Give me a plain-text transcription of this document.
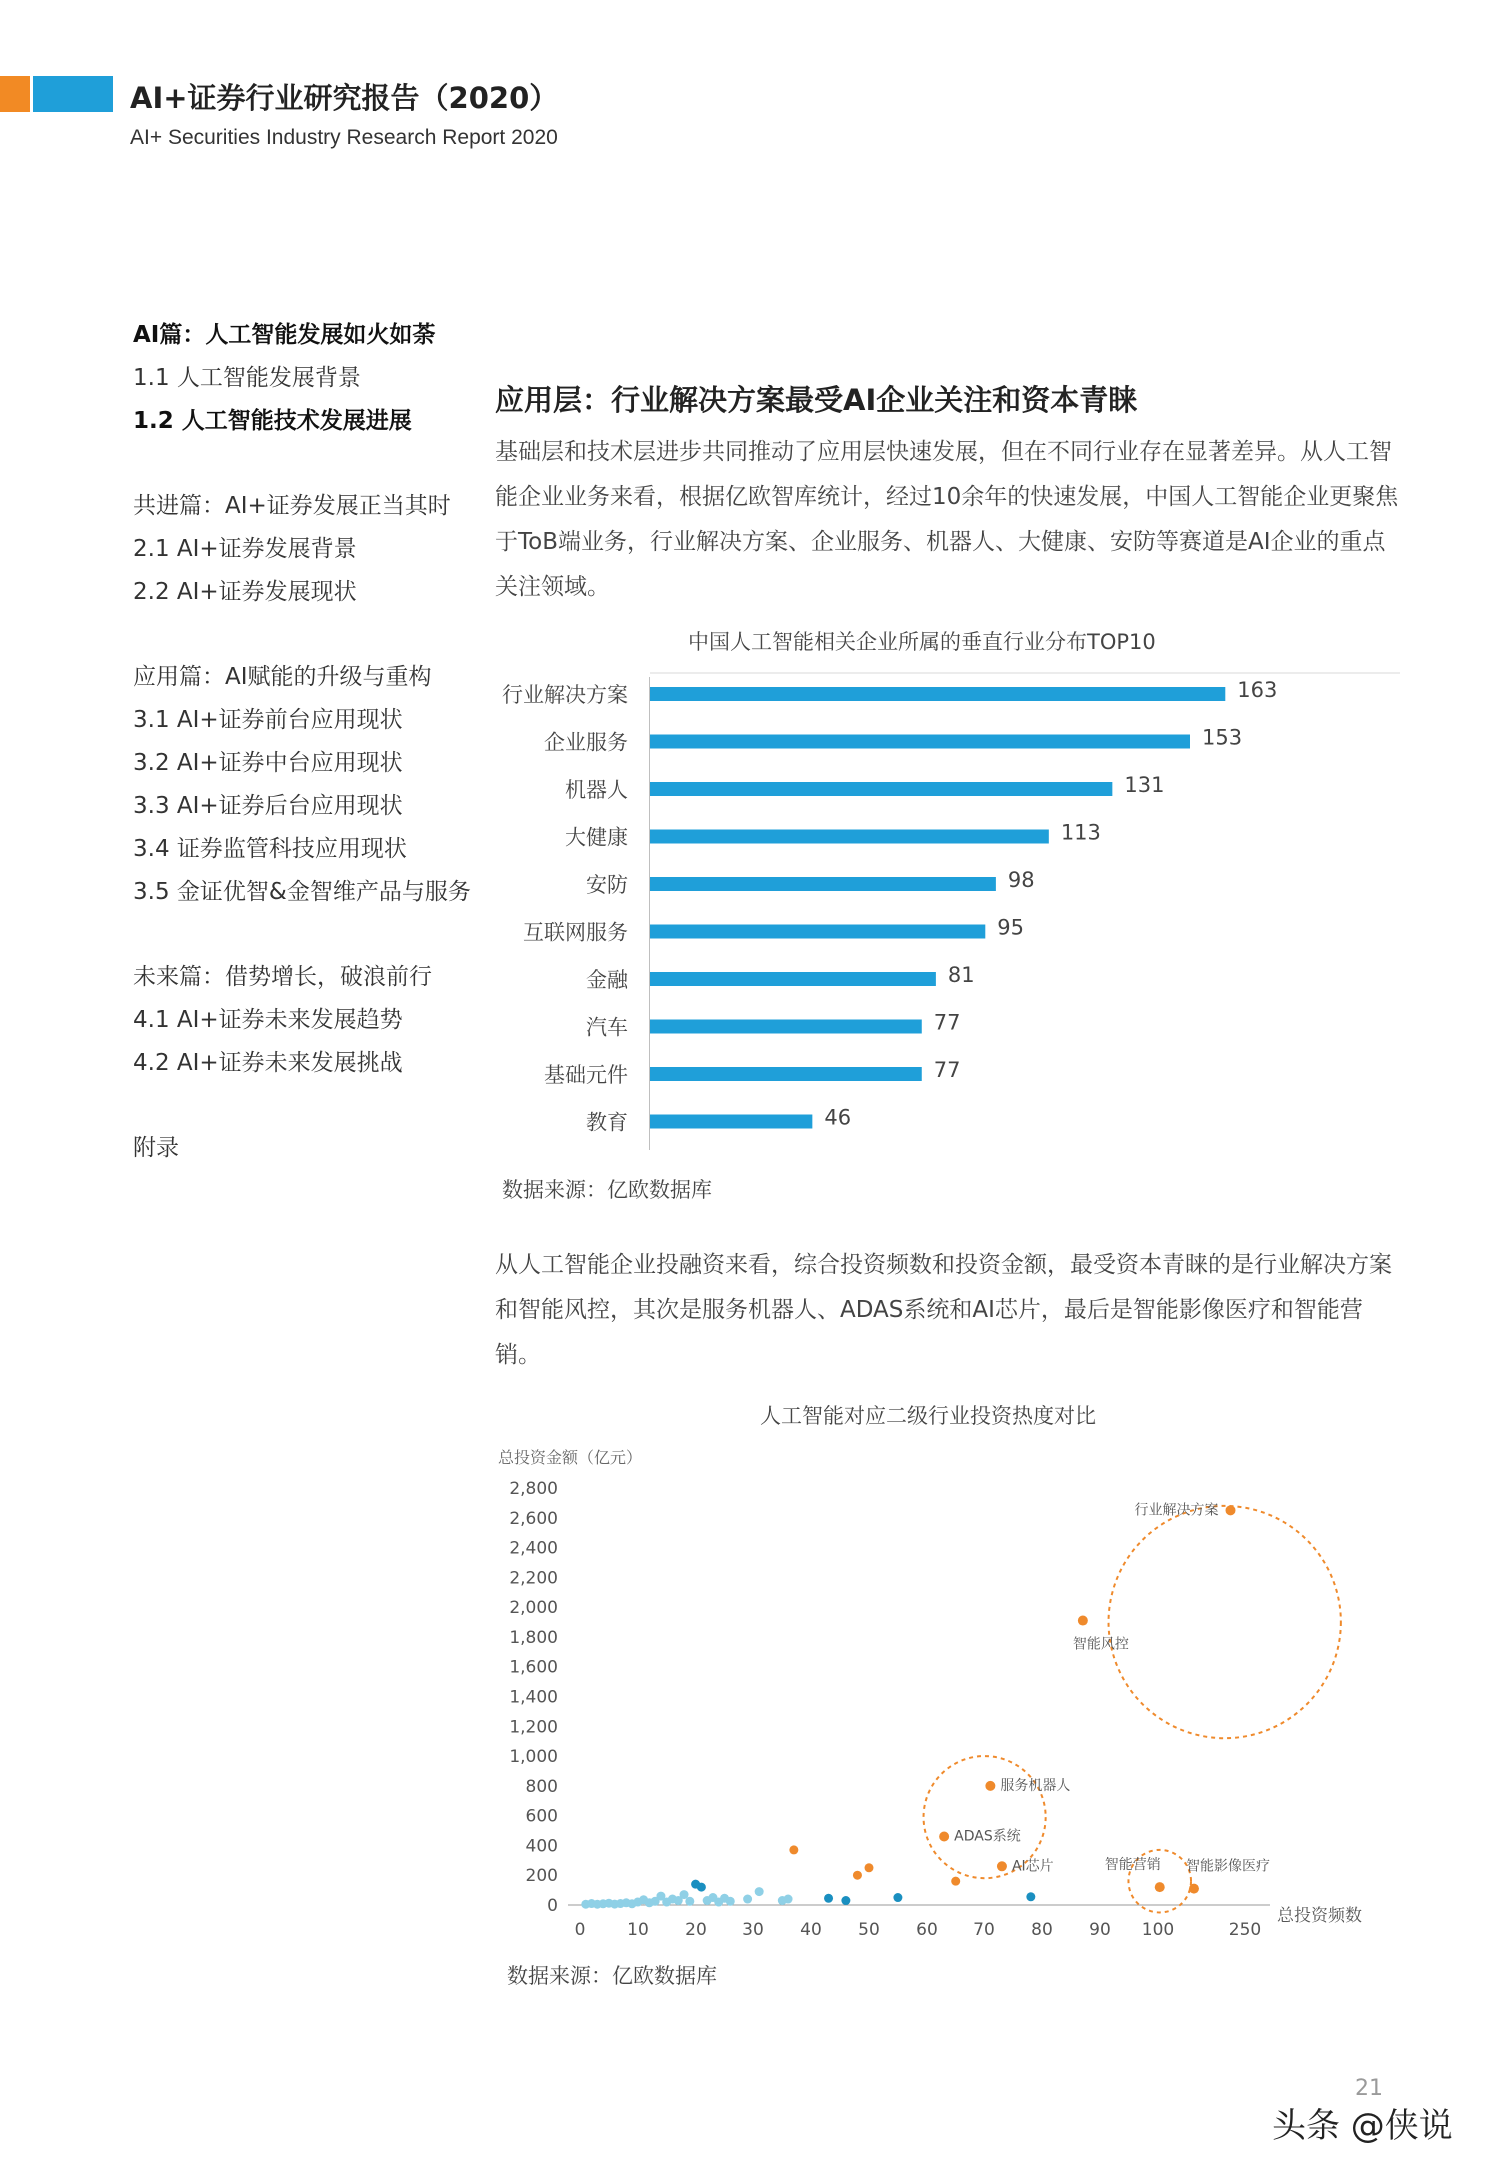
AI+证券行业研究报告（2020）
AI+ Securities Industry Research Report 2020
AI篇：人工智能发展如火如荼
1.1 人工智能发展背景
1.2 人工智能技术发展进展
共进篇：AI+证券发展正当其时
2.1 AI+证券发展背景
2.2 AI+证券发展现状
应用篇：AI赋能的升级与重构
3.1 AI+证券前台应用现状
3.2 AI+证券中台应用现状
3.3 AI+证券后台应用现状
3.4 证券监管科技应用现状
3.5 金证优智&金智维产品与服务
未来篇：借势增长，破浪前行
4.1 AI+证券未来发展趋势
4.2 AI+证券未来发展挑战
附录
应用层：行业解决方案最受AI企业关注和资本青睐
基础层和技术层进步共同推动了应用层快速发展，但在不同行业存在显著差异。从人工智能企业业务来看，根据亿欧智库统计，经过10余年的快速发展，中国人工智能企业更聚焦于ToB端业务，行业解决方案、企业服务、机器人、大健康、安防等赛道是AI企业的重点关注领域。
中国人工智能相关企业所属的垂直行业分布TOP10
行业解决方案	163
企业服务	153
机器人	131
大健康	113
安防	98
互联网服务	95
金融	81
汽车	77
基础元件	77
教育	46
数据来源：亿欧数据库
从人工智能企业投融资来看，综合投资频数和投资金额，最受资本青睐的是行业解决方案和智能风控，其次是服务机器人、ADAS系统和AI芯片，最后是智能影像医疗和智能营销。
人工智能对应二级行业投资热度对比
总投资金额（亿元）
0
200
400
600
800
1,000
1,200
1,400
1,600
1,800
2,000
2,200
2,400
2,600
2,800
0 10 20 30 40 50 60 70 80 90 100	250
总投资频数
行业解决方案
智能风控
服务机器人
ADAS系统
AI芯片	智能营销 智能影像医疗
数据来源：亿欧数据库
21
头条 @侠说
